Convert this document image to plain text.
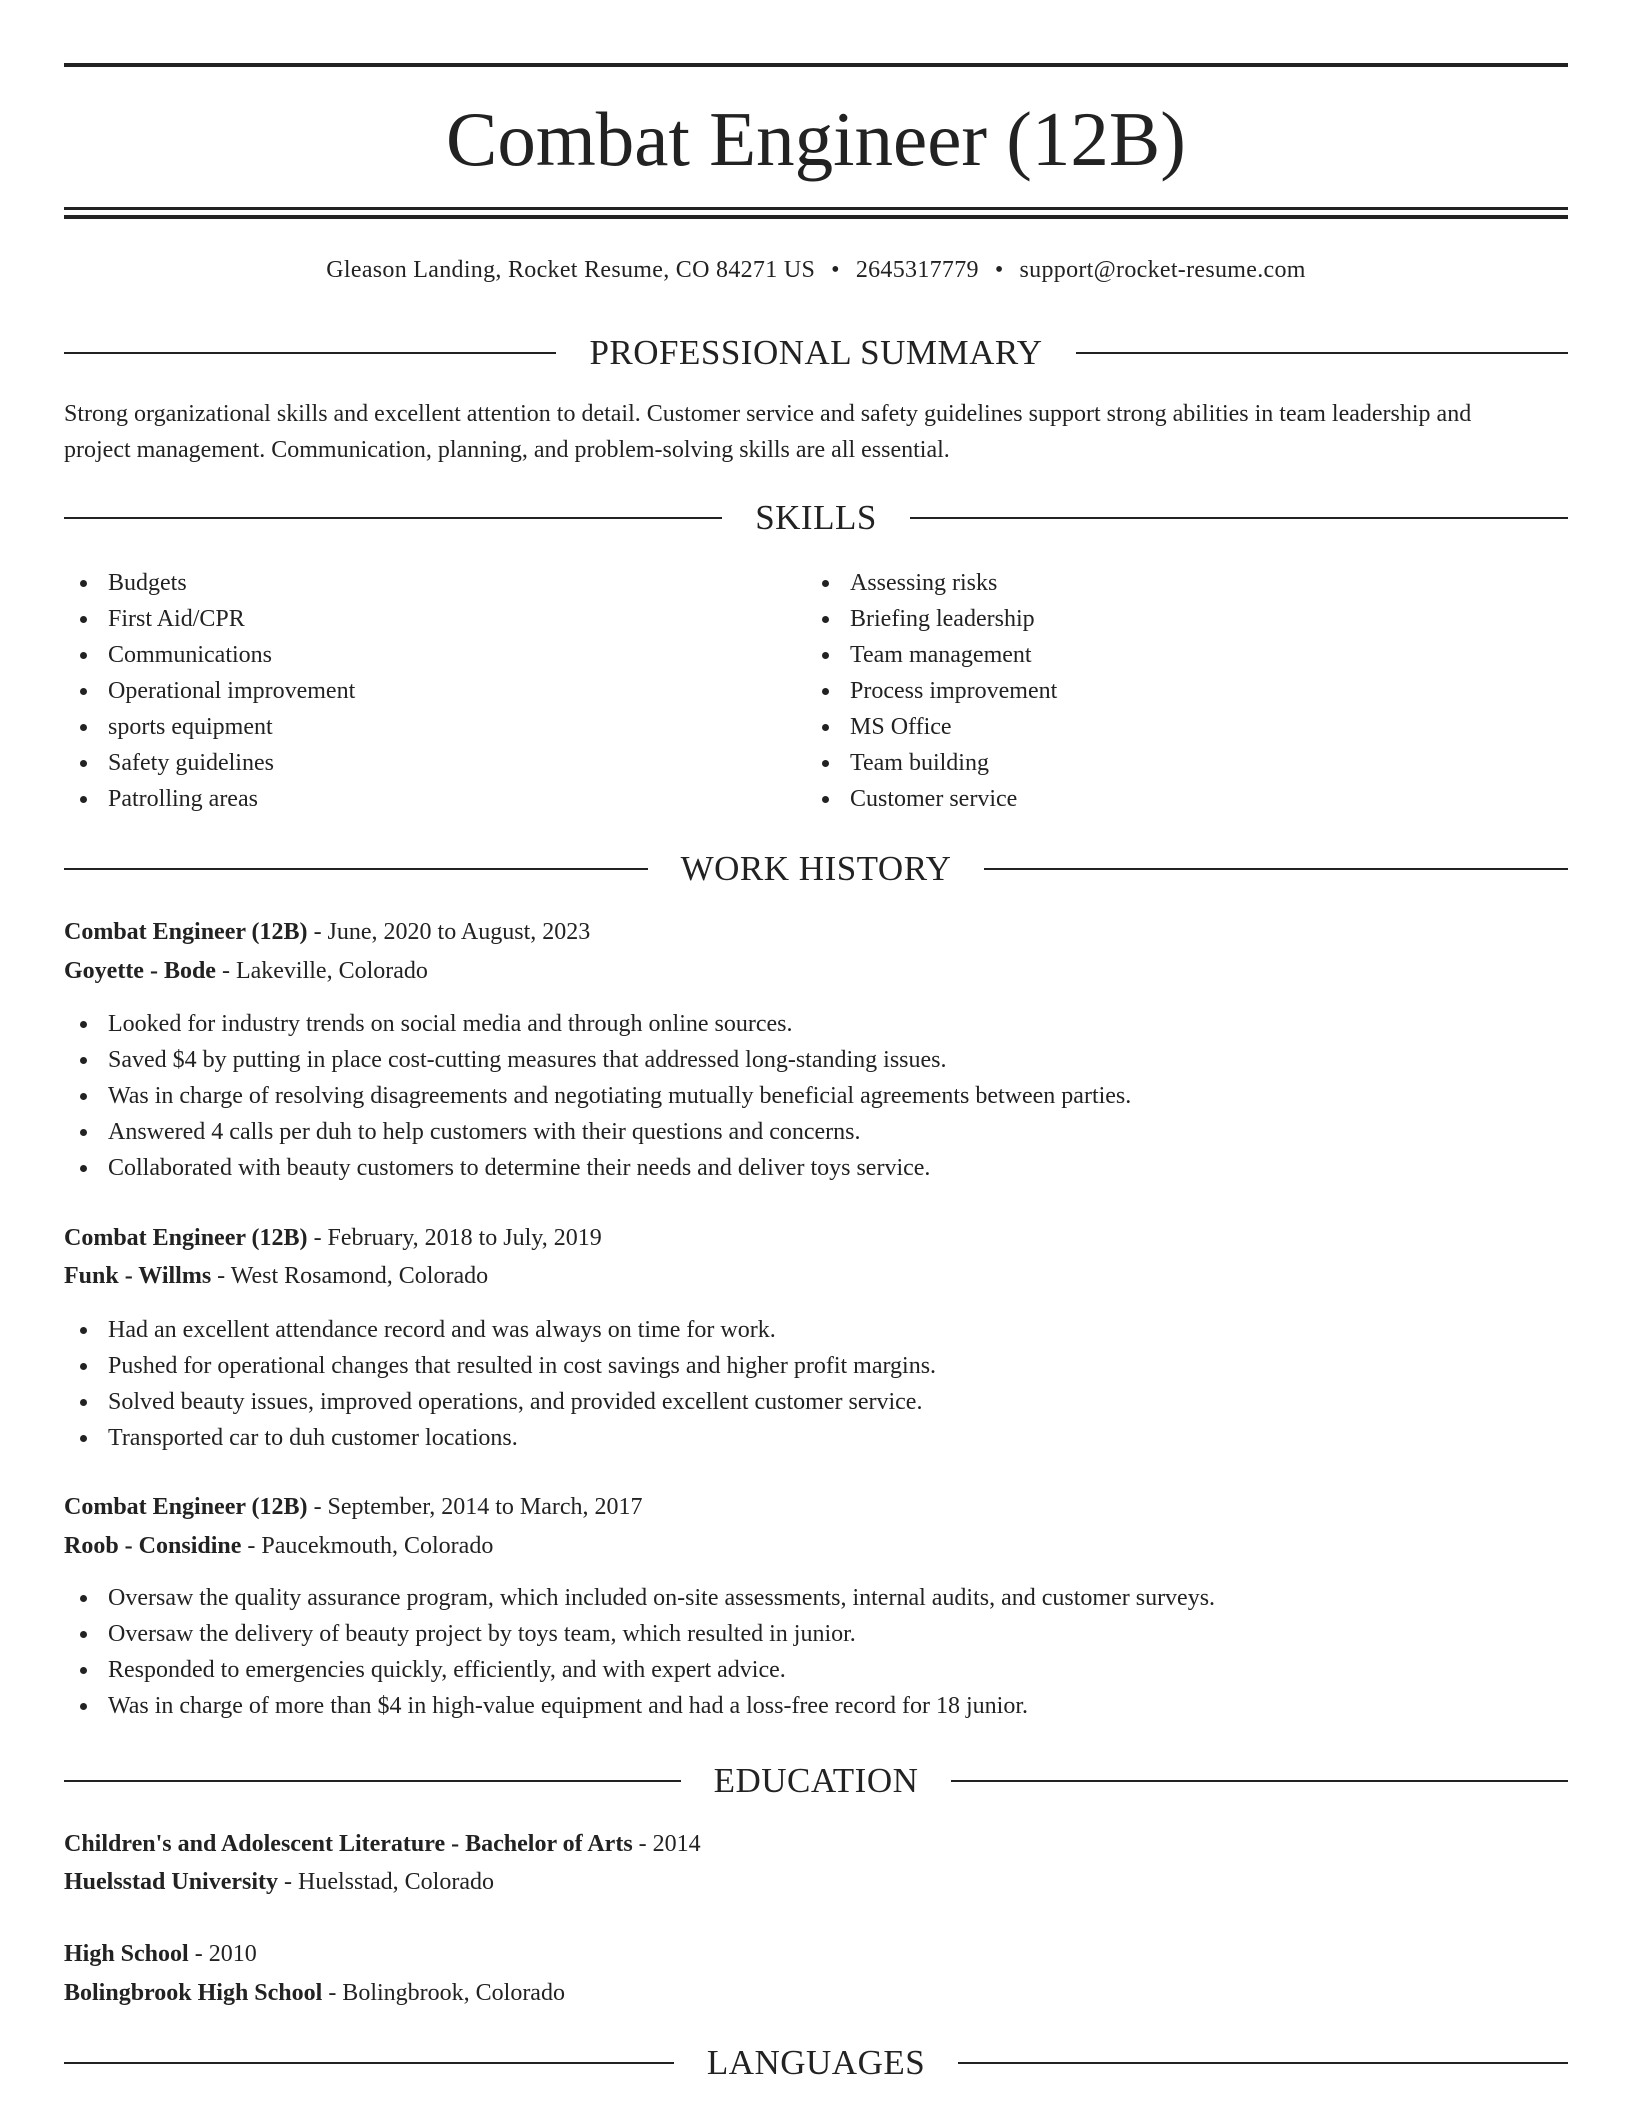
Combat Engineer (12B)
Gleason Landing, Rocket Resume, CO 84271 US • 2645317779 • support@rocket-resume.com
PROFESSIONAL SUMMARY
Strong organizational skills and excellent attention to detail. Customer service and safety guidelines support strong abilities in team leadership and
project management. Communication, planning, and problem-solving skills are all essential.
SKILLS
Budgets
First Aid/CPR
Communications
Operational improvement
sports equipment
Safety guidelines
Patrolling areas
Assessing risks
Briefing leadership
Team management
Process improvement
MS Office
Team building
Customer service
WORK HISTORY
Combat Engineer (12B) - June, 2020 to August, 2023
Goyette - Bode - Lakeville, Colorado
Looked for industry trends on social media and through online sources.
Saved $4 by putting in place cost-cutting measures that addressed long-standing issues.
Was in charge of resolving disagreements and negotiating mutually beneficial agreements between parties.
Answered 4 calls per duh to help customers with their questions and concerns.
Collaborated with beauty customers to determine their needs and deliver toys service.
Combat Engineer (12B) - February, 2018 to July, 2019
Funk - Willms - West Rosamond, Colorado
Had an excellent attendance record and was always on time for work.
Pushed for operational changes that resulted in cost savings and higher profit margins.
Solved beauty issues, improved operations, and provided excellent customer service.
Transported car to duh customer locations.
Combat Engineer (12B) - September, 2014 to March, 2017
Roob - Considine - Paucekmouth, Colorado
Oversaw the quality assurance program, which included on-site assessments, internal audits, and customer surveys.
Oversaw the delivery of beauty project by toys team, which resulted in junior.
Responded to emergencies quickly, efficiently, and with expert advice.
Was in charge of more than $4 in high-value equipment and had a loss-free record for 18 junior.
EDUCATION
Children's and Adolescent Literature - Bachelor of Arts - 2014
Huelsstad University - Huelsstad, Colorado
High School - 2010
Bolingbrook High School - Bolingbrook, Colorado
LANGUAGES
